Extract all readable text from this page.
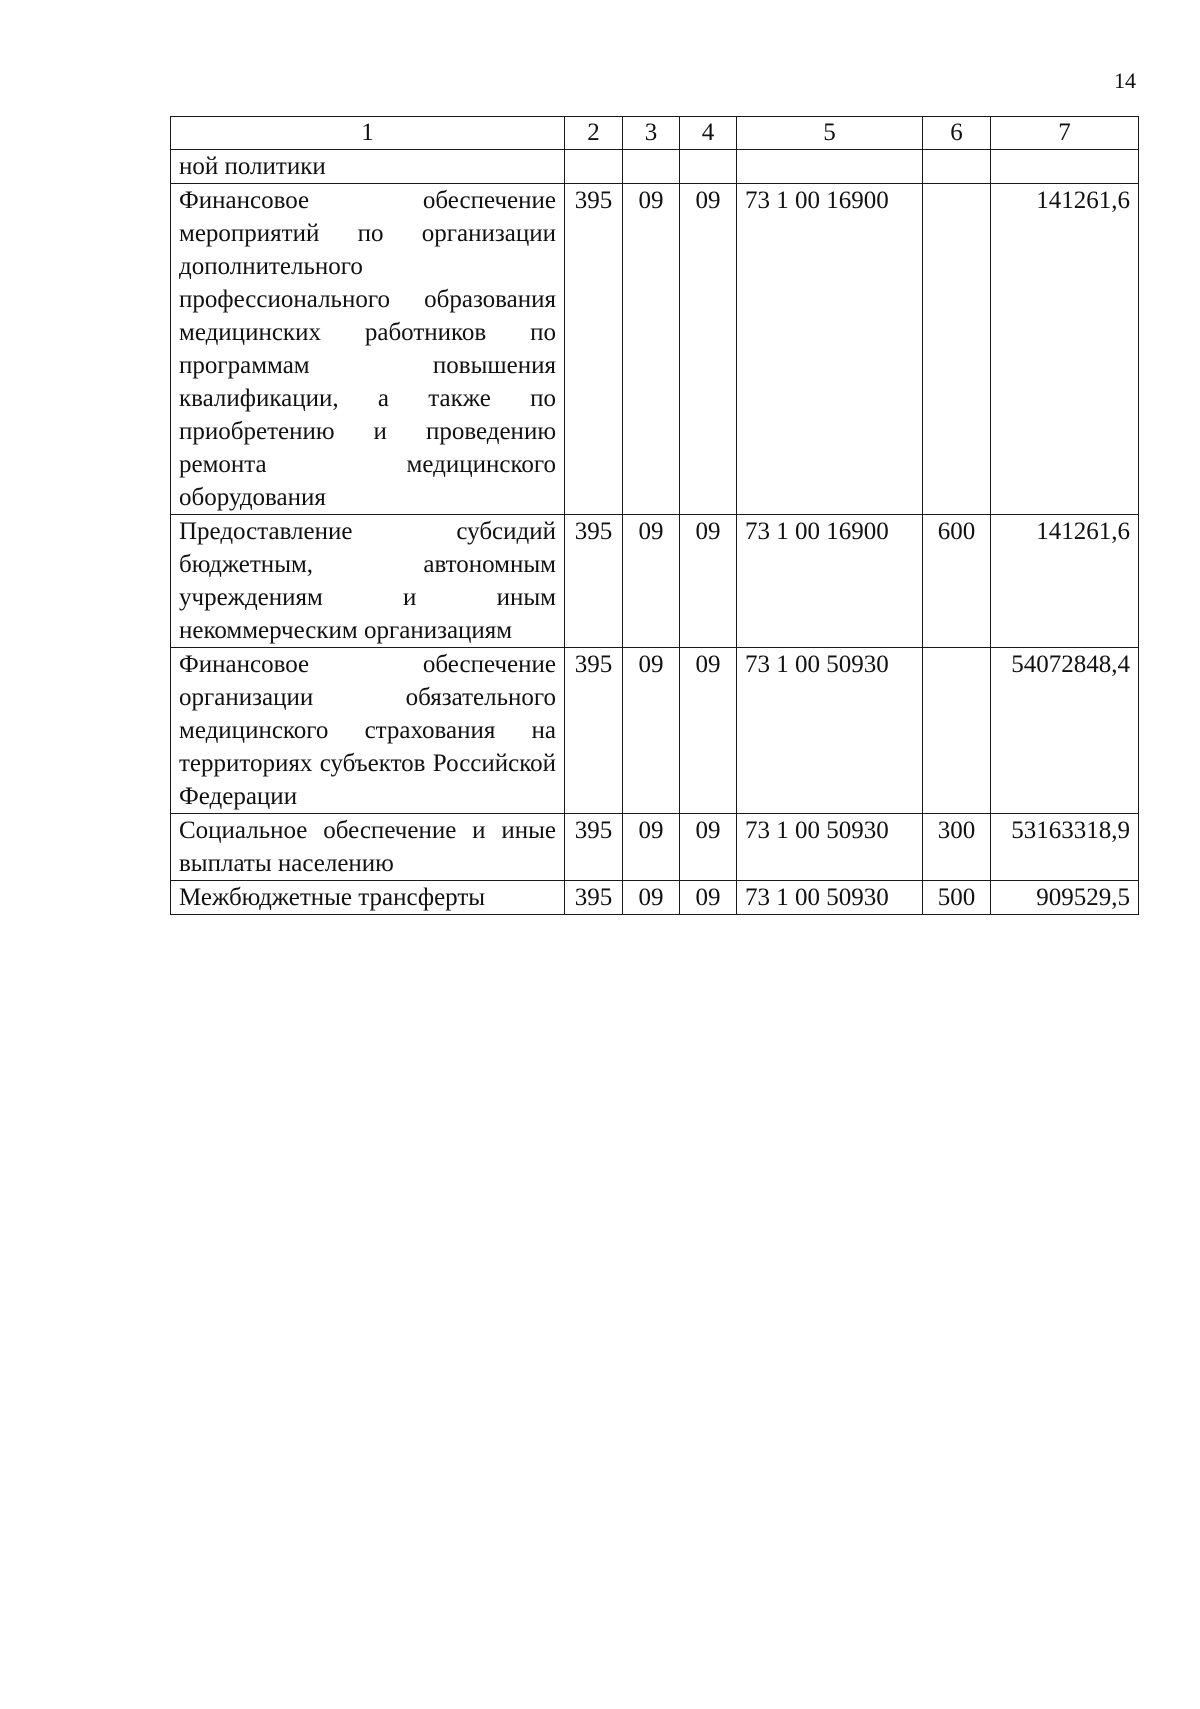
14
1	2	3	4	5	6	7
ной политики						
Финансовое обеспечение мероприятий по организации дополнительного профессионального образования медицинских работников по программам повышения квалификации, а также по приобретению и проведению ремонта медицинского оборудования	395	09	09	73 1 00 16900		141261,6
Предоставление субсидий бюджетным, автономным учреждениям и иным некоммерческим организациям	395	09	09	73 1 00 16900	600	141261,6
Финансовое обеспечение организации обязательного медицинского страхования на территориях субъектов Российской Федерации	395	09	09	73 1 00 50930		54072848,4
Социальное обеспечение и иные выплаты населению	395	09	09	73 1 00 50930	300	53163318,9
Межбюджетные трансферты	395	09	09	73 1 00 50930	500	909529,5
